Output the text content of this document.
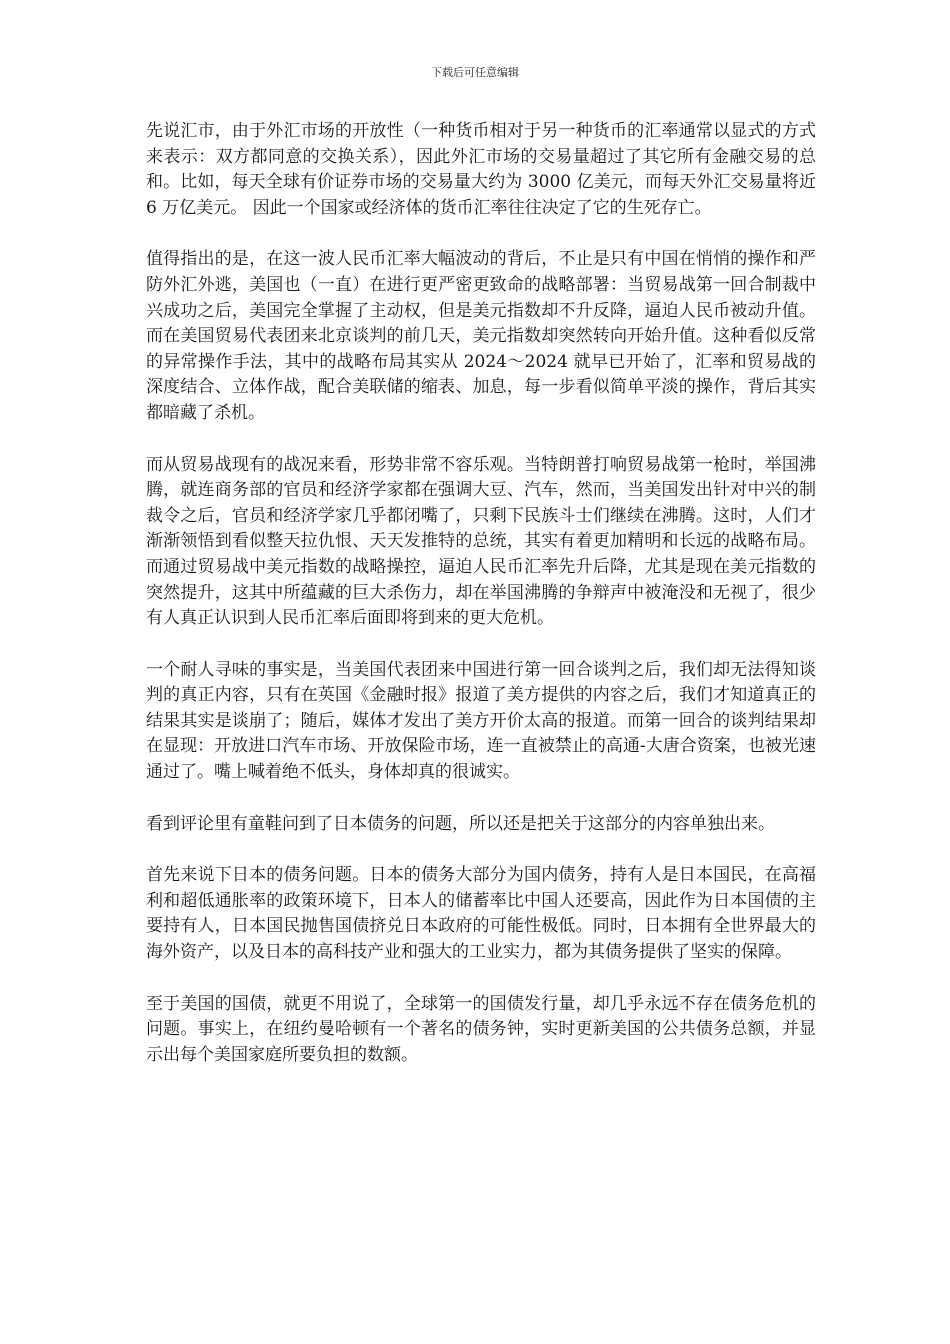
下载后可任意编辑

先说汇市，由于外汇市场的开放性（一种货币相对于另一种货币的汇率通常以显式的方式来表示：双方都同意的交换关系），因此外汇市场的交易量超过了其它所有金融交易的总和。比如，每天全球有价证券市场的交易量大约为 3000 亿美元，而每天外汇交易量将近 6 万亿美元。 因此一个国家或经济体的货币汇率往往决定了它的生死存亡。

值得指出的是，在这一波人民币汇率大幅波动的背后，不止是只有中国在悄悄的操作和严防外汇外逃，美国也（一直）在进行更严密更致命的战略部署：当贸易战第一回合制裁中兴成功之后，美国完全掌握了主动权，但是美元指数却不升反降，逼迫人民币被动升值。而在美国贸易代表团来北京谈判的前几天，美元指数却突然转向开始升值。这种看似反常的异常操作手法，其中的战略布局其实从 2024～2024 就早已开始了，汇率和贸易战的深度结合、立体作战，配合美联储的缩表、加息，每一步看似简单平淡的操作，背后其实都暗藏了杀机。

而从贸易战现有的战况来看，形势非常不容乐观。当特朗普打响贸易战第一枪时，举国沸腾，就连商务部的官员和经济学家都在强调大豆、汽车，然而，当美国发出针对中兴的制裁令之后，官员和经济学家几乎都闭嘴了，只剩下民族斗士们继续在沸腾。这时，人们才渐渐领悟到看似整天拉仇恨、天天发推特的总统，其实有着更加精明和长远的战略布局。而通过贸易战中美元指数的战略操控，逼迫人民币汇率先升后降，尤其是现在美元指数的突然提升，这其中所蕴藏的巨大杀伤力，却在举国沸腾的争辩声中被淹没和无视了，很少有人真正认识到人民币汇率后面即将到来的更大危机。

一个耐人寻味的事实是，当美国代表团来中国进行第一回合谈判之后，我们却无法得知谈判的真正内容，只有在英国《金融时报》报道了美方提供的内容之后，我们才知道真正的结果其实是谈崩了；随后，媒体才发出了美方开价太高的报道。而第一回合的谈判结果却在显现：开放进口汽车市场、开放保险市场，连一直被禁止的高通-大唐合资案，也被光速通过了。嘴上喊着绝不低头，身体却真的很诚实。

看到评论里有童鞋问到了日本债务的问题，所以还是把关于这部分的内容单独出来。

首先来说下日本的债务问题。日本的债务大部分为国内债务，持有人是日本国民，在高福利和超低通胀率的政策环境下，日本人的储蓄率比中国人还要高，因此作为日本国债的主要持有人，日本国民抛售国债挤兑日本政府的可能性极低。同时，日本拥有全世界最大的海外资产，以及日本的高科技产业和强大的工业实力，都为其债务提供了坚实的保障。

至于美国的国债，就更不用说了，全球第一的国债发行量，却几乎永远不存在债务危机的问题。事实上，在纽约曼哈顿有一个著名的债务钟，实时更新美国的公共债务总额，并显示出每个美国家庭所要负担的数额。
